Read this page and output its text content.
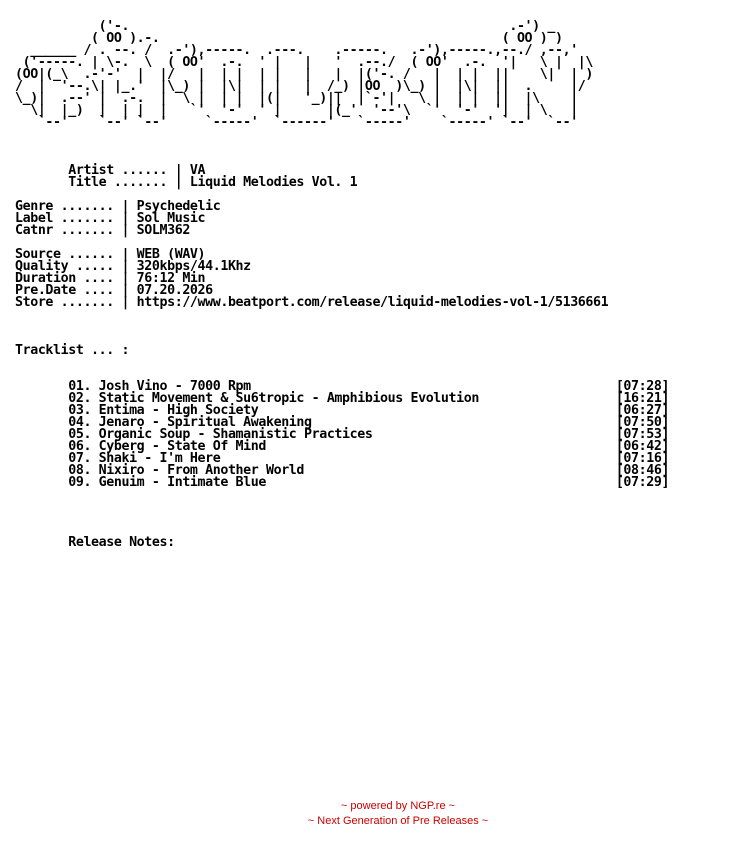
('-.                                                  .-') _
( OO ).-.                                             ( OO ) )
______ / . --. /  .-'),-----.  .---.    .-----.   .-'),-----.,--./ ,--,'
('-----. | \-.  \  ( OO'  .-.  ' |   |   '  .--./  ( OO'  .-.  '|   \ |  |\
(OO|(_\  .-'-'  |  |/   |  | |  | |   |   |  |('-. /   |  | |  ||    \|  | )
/  |  '--.\| |_.'  |\_) |  |\|  | |   |  /_) |OO  )\_) |  |\|  ||  .     |/
\_)|  .--' |  .-.  |  \ |  | |  |(|   '_)||  |`-'|   \ |  | |  ||  |\    |
\|  |_)  |  | |  |   `'  '-'  ' |      |(_'  '--'\  `'  '-'  '|  | \   |
`--'    `--' `--'     `-----'  `------'   `-----'    `-----' `--'  `--'
Artist ...... | VA
Title ....... | Liquid Melodies Vol. 1
Genre ....... | Psychedelic
Label ....... | Sol Music
Catnr ....... | SOLM362
Source ...... | WEB (WAV)
Quality ..... | 320kbps/44.1Khz
Duration .... | 76:12 Min
Pre.Date .... | 07.20.2026
Store ....... | https://www.beatport.com/release/liquid-melodies-vol-1/5136661
Tracklist ... :
01. Josh Vino - 7000 Rpm                                                [07:28]
02. Static Movement & Su6tropic - Amphibious Evolution                  [16:21]
03. Entima - High Society                                               [06:27]
04. Jenaro - Spiritual Awakening                                        [07:50]
05. Organic Soup - Shamanistic Practices                                [07:53]
06. Cyberg - State Of Mind                                              [06:42]
07. Shaki - I'm Here                                                    [07:16]
08. Nixiro - From Another World                                         [08:46]
09. Genuim - Intimate Blue                                              [07:29]
Release Notes:
~ powered by NGP.re ~
~ Next Generation of Pre Releases ~
